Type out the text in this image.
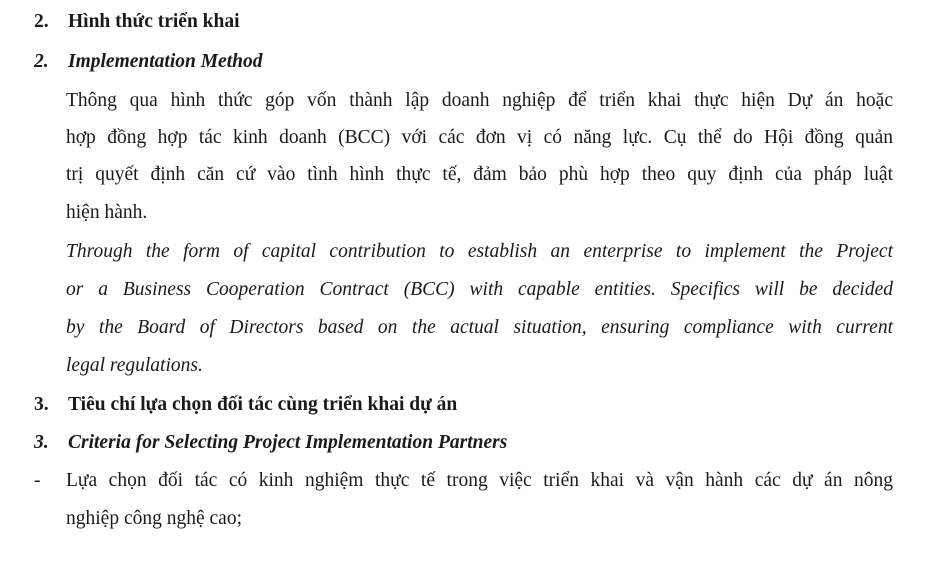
2. Hình thức triển khai
2. Implementation Method
Thông qua hình thức góp vốn thành lập doanh nghiệp để triển khai thực hiện Dự án hoặc
hợp đồng hợp tác kinh doanh (BCC) với các đơn vị có năng lực. Cụ thể do Hội đồng quản
trị quyết định căn cứ vào tình hình thực tế, đảm bảo phù hợp theo quy định của pháp luật
hiện hành.
Through the form of capital contribution to establish an enterprise to implement the Project
or a Business Cooperation Contract (BCC) with capable entities. Specifics will be decided
by the Board of Directors based on the actual situation, ensuring compliance with current
legal regulations.
3. Tiêu chí lựa chọn đối tác cùng triển khai dự án
3. Criteria for Selecting Project Implementation Partners
- Lựa chọn đối tác có kinh nghiệm thực tế trong việc triển khai và vận hành các dự án nông
nghiệp công nghệ cao;
